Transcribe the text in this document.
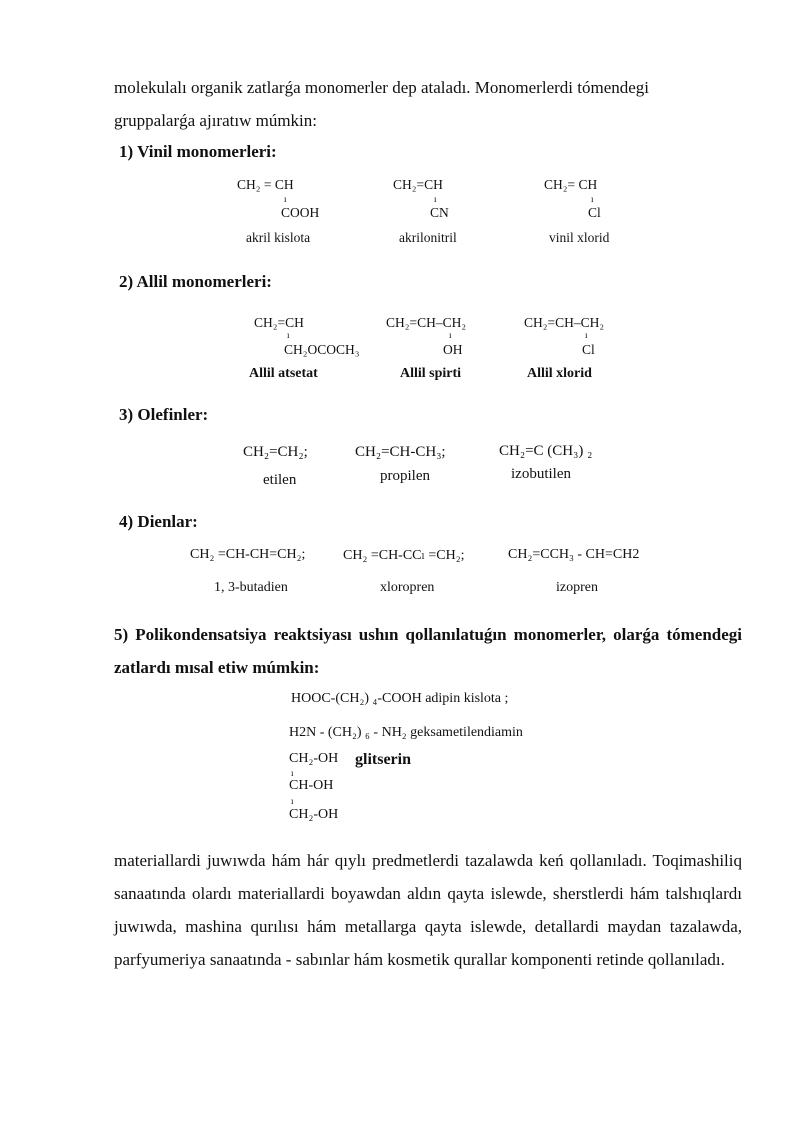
molekulalı organik zatlarǵa monomerler dep ataladı. Monomerlerdi tómendegi
gruppalarǵa ajıratıw múmkin:
1) Vinil monomerleri:
CH₂ = CH
ı
COOH
akril kislota
CH₂=CH
ı
CN
akrilonitril
CH₂= CH
ı
Cl
vinil xlorid
2) Allil monomerleri:
CH₂=CH
ı
CH₂OCOCH₃
Allil atsetat
CH₂=CH–CH₂
ı
OH
Allil spirti
CH₂=CH–CH₂
ı
Cl
Allil xlorid
3) Olefinler:
CH₂=CH₂;
etilen
CH₂=CH-CH₃;
propilen
CH₂=C (CH₃) ₂
izobutilen
4) Dienlar:
CH₂ =CH-CH=CH₂;
1, 3-butadien
CH₂ =CH-CCₗ =CH₂;
xloropren
CH₂=CCH₃ - CH=CH2
izopren
5) Polikondensatsiya reaktsiyası ushın qollanılatuǵın monomerler, olarǵa tómendegi zatlardı mısal etiw múmkin:
HOOC-(CH₂) ₄-COOH adipin kislota ;
H2N - (CH₂) ₆ - NH₂ geksametilendiamin
CH₂-OH glitserin
ı
CH-OH
ı
CH₂-OH
materiallardi juwıwda hám hár qıylı predmetlerdi tazalawda keń qollanıladı. Toqimashiliq sanaatında olardı materiallardi boyawdan aldın qayta islewde, sherstlerdi hám talshıqlardı juwıwda, mashina qurılısı hám metallarga qayta islewde, detallardi maydan tazalawda, parfyumeriya sanaatında - sabınlar hám kosmetik qurallar komponenti retinde qollanıladı.
